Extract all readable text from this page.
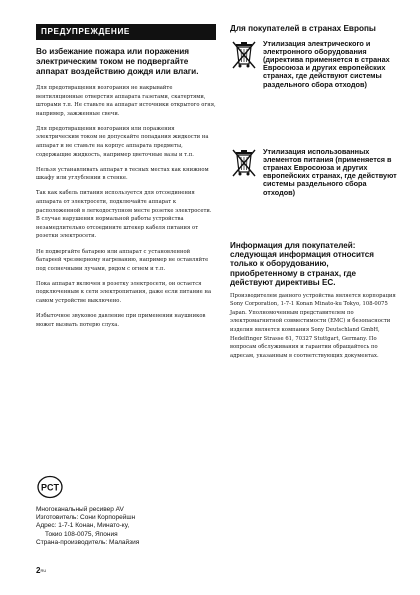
ПРЕДУПРЕЖДЕНИЕ
Во избежание пожара или поражения электрическим током не подвергайте аппарат воздействию дождя или влаги.

Для предотвращения возгорания не накрывайте вентиляционные отверстия аппарата газетами, скатертями, шторами т.п. Не ставьте на аппарат источники открытого огня, например, зажженные свечи.

Для предотвращения возгорания или поражения электрическим током не допускайте попадания жидкости на аппарат и не ставьте на корпус аппарата предметы, содержащие жидкость, например цветочные вазы и т.п.

Нельзя устанавливать аппарат в тесных местах как книжном шкафу или углублении в стенке.

Так как кабель питания используется для отсоединения аппарата от электросети, подключайте аппарат к расположенной в легкодоступном месте розетке электросети. В случае нарушения нормальной работы устройства незамедлительно отсоедините штекер кабеля питания от розетки электросети.

Не подвергайте батарею или аппарат с установленной батареей чрезмерному нагреванию, например не оставляйте под солнечными лучами, рядом с огнем и т.п.

Пока аппарат включен в розетку электросети, он остается подключенным к сети электропитания, даже если питание на самом устройстве выключено.

Избыточное звуковое давление при применении наушников может вызвать потерю слуха.

Для покупателей в странах Европы
Утилизация электрического и электронного оборудования (директива применяется в странах Евросоюза и других европейских странах, где действуют системы раздельного сбора отходов)
Утилизация использованных элементов питания (применяется в странах Евросоюза и других европейских странах, где действуют системы раздельного сбора отходов)
Информация для покупателей: следующая информация относится только к оборудованию, приобретенному в странах, где действуют директивы ЕС.

Производителем данного устройства является корпорация Sony Corporation, 1-7-1 Konan Minato-ku Tokyo, 108-0075 Japan. Уполномоченным представителем по электромагнитной совместимости (EMC) и безопасности изделия является компания Sony Deutschland GmbH, Hedelfinger Strasse 61, 70327 Stuttgart, Germany. По вопросам обслуживания и гарантии обращайтесь по адресам, указанным в соответствующих документах.

PCT
Многоканальный ресивер AV
Изготовитель: Сони Корпорейшн
Адрес: 1-7-1 Конан, Минато-ку,
Токио 108-0075, Япония
Страна-производитель: Малайзия
$2^{RU}$
